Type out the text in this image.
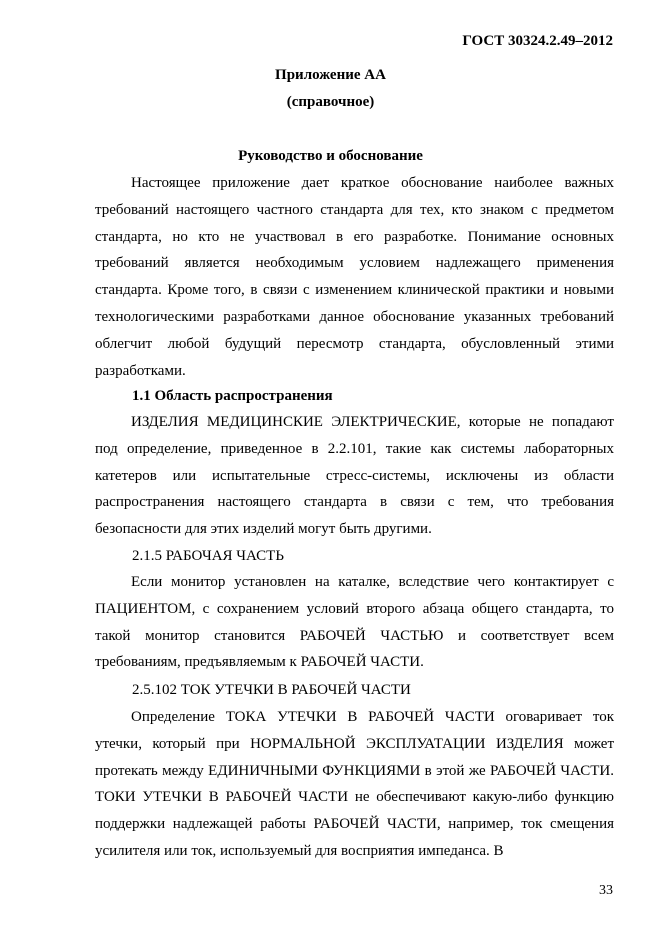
ГОСТ 30324.2.49–2012
Приложение АА
(справочное)
Руководство и обоснование

Настоящее приложение дает краткое обоснование наиболее важных требований настоящего частного стандарта для тех, кто знаком с предметом стандарта, но кто не участвовал в его разработке. Понимание основных требований является необходимым условием надлежащего применения стандарта. Кроме того, в связи с изменением клинической практики и новыми технологическими разработками данное обоснование указанных требований облегчит любой будущий пересмотр стандарта, обусловленный этими разработками.

1.1 Область распространения

ИЗДЕЛИЯ МЕДИЦИНСКИЕ ЭЛЕКТРИЧЕСКИЕ, которые не попадают под определение, приведенное в 2.2.101, такие как системы лабораторных катетеров или испытательные стресс-системы, исключены из области распространения настоящего стандарта в связи с тем, что требования безопасности для этих изделий могут быть другими.

2.1.5 РАБОЧАЯ ЧАСТЬ

Если монитор установлен на каталке, вследствие чего контактирует с ПАЦИЕНТОМ, с сохранением условий второго абзаца общего стандарта, то такой монитор становится РАБОЧЕЙ ЧАСТЬЮ и соответствует всем требованиям, предъявляемым к РАБОЧЕЙ ЧАСТИ.

2.5.102 ТОК УТЕЧКИ В РАБОЧЕЙ ЧАСТИ

Определение ТОКА УТЕЧКИ В РАБОЧЕЙ ЧАСТИ оговаривает ток утечки, который при НОРМАЛЬНОЙ ЭКСПЛУАТАЦИИ ИЗДЕЛИЯ может протекать между ЕДИНИЧНЫМИ ФУНКЦИЯМИ в этой же РАБОЧЕЙ ЧАСТИ. ТОКИ УТЕЧКИ В РАБОЧЕЙ ЧАСТИ не обеспечивают какую-либо функцию поддержки надлежащей работы РАБОЧЕЙ ЧАСТИ, например, ток смещения усилителя или ток, используемый для восприятия импеданса. В

33
